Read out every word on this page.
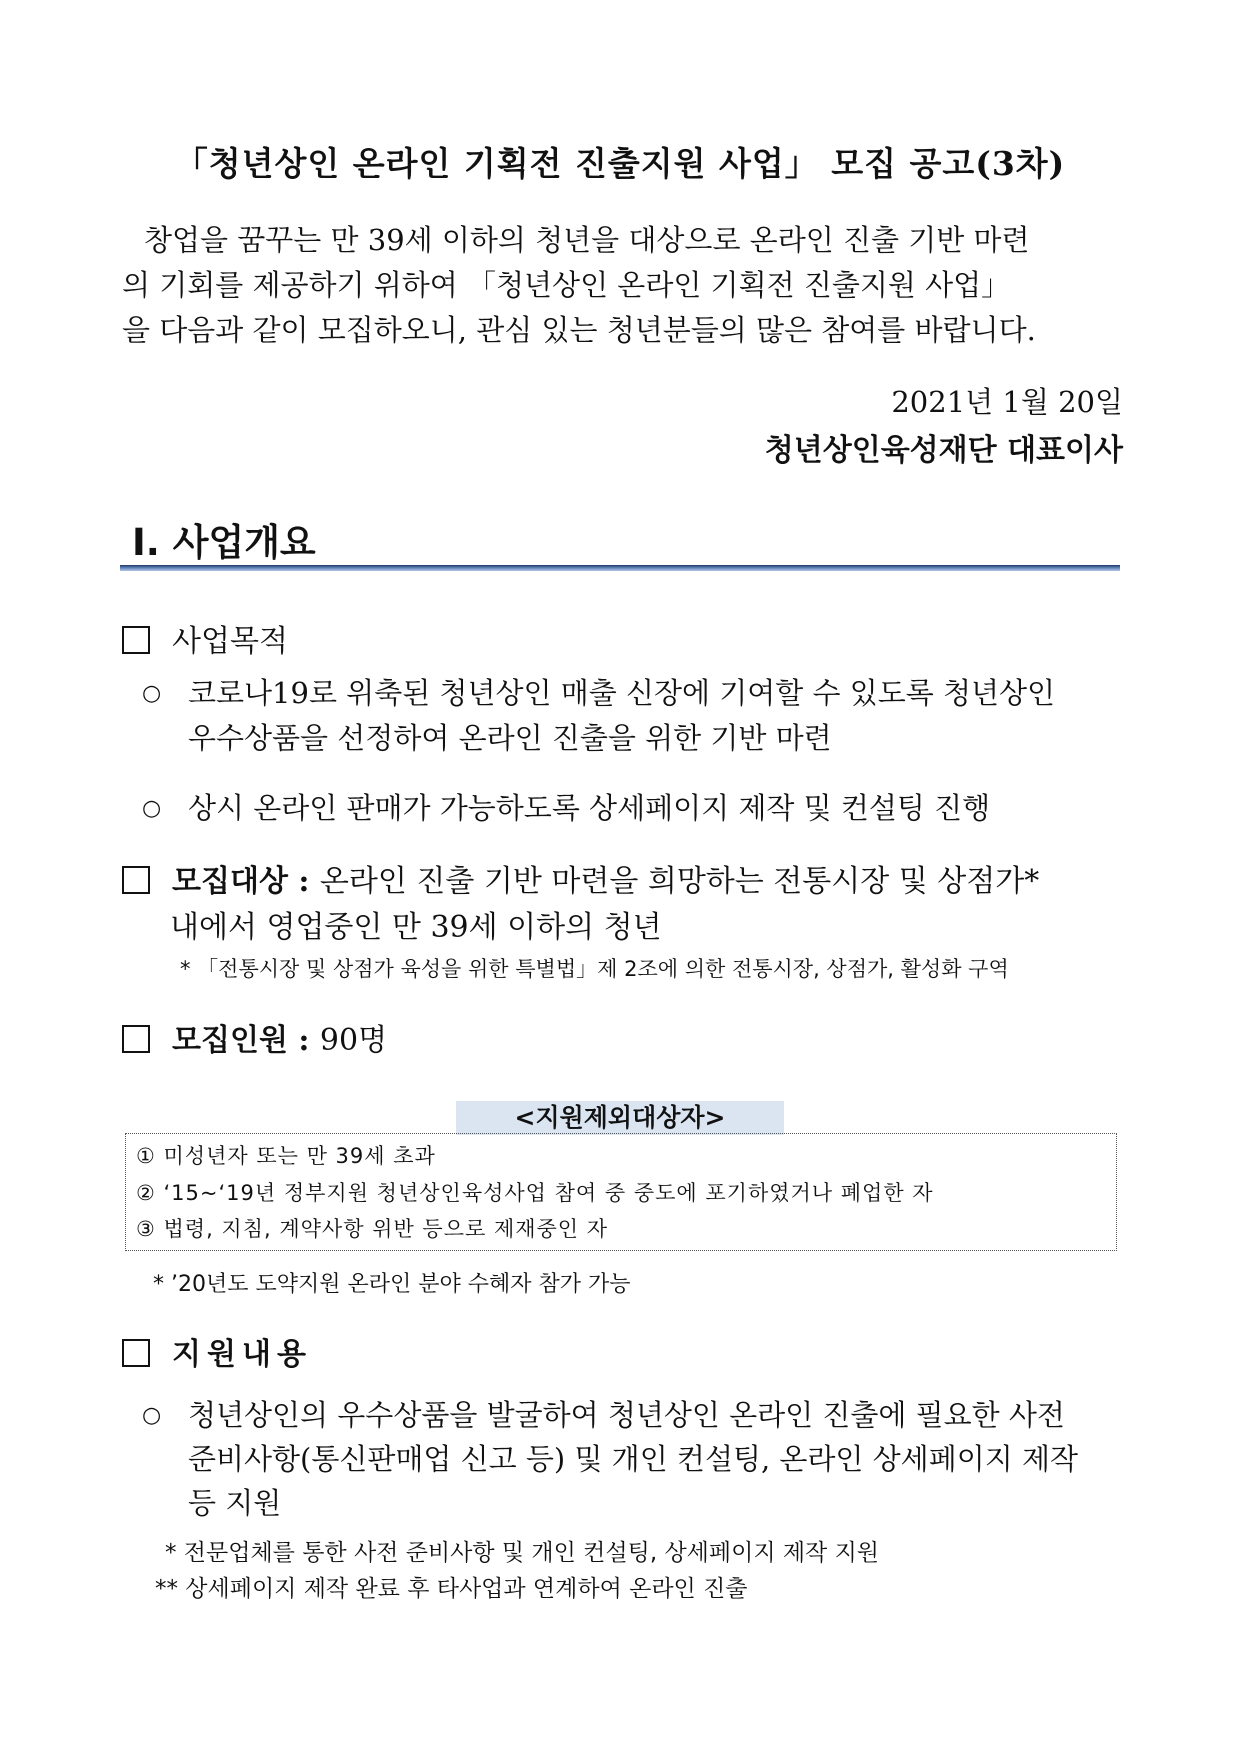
「청년상인 온라인 기획전 진출지원 사업」 모집 공고(3차)
창업을 꿈꾸는 만 39세 이하의 청년을 대상으로 온라인 진출 기반 마련
의 기회를 제공하기 위하여 「청년상인 온라인 기획전 진출지원 사업」
을 다음과 같이 모집하오니, 관심 있는 청년분들의 많은 참여를 바랍니다.
2021년 1월 20일
청년상인육성재단 대표이사
Ⅰ. 사업개요
사업목적
○ 코로나19로 위축된 청년상인 매출 신장에 기여할 수 있도록 청년상인
우수상품을 선정하여 온라인 진출을 위한 기반 마련
○ 상시 온라인 판매가 가능하도록 상세페이지 제작 및 컨설팅 진행
모집대상 : 온라인 진출 기반 마련을 희망하는 전통시장 및 상점가*
내에서 영업중인 만 39세 이하의 청년
* 「전통시장 및 상점가 육성을 위한 특별법」제 2조에 의한 전통시장, 상점가, 활성화 구역
모집인원 : 90명
<지원제외대상자>
① 미성년자 또는 만 39세 초과
② ‘15~‘19년 정부지원 청년상인육성사업 참여 중 중도에 포기하였거나 폐업한 자
③ 법령, 지침, 계약사항 위반 등으로 제재중인 자
* ’20년도 도약지원 온라인 분야 수혜자 참가 가능
지원내용
○ 청년상인의 우수상품을 발굴하여 청년상인 온라인 진출에 필요한 사전
준비사항(통신판매업 신고 등) 및 개인 컨설팅, 온라인 상세페이지 제작
등 지원
* 전문업체를 통한 사전 준비사항 및 개인 컨설팅, 상세페이지 제작 지원
** 상세페이지 제작 완료 후 타사업과 연계하여 온라인 진출
